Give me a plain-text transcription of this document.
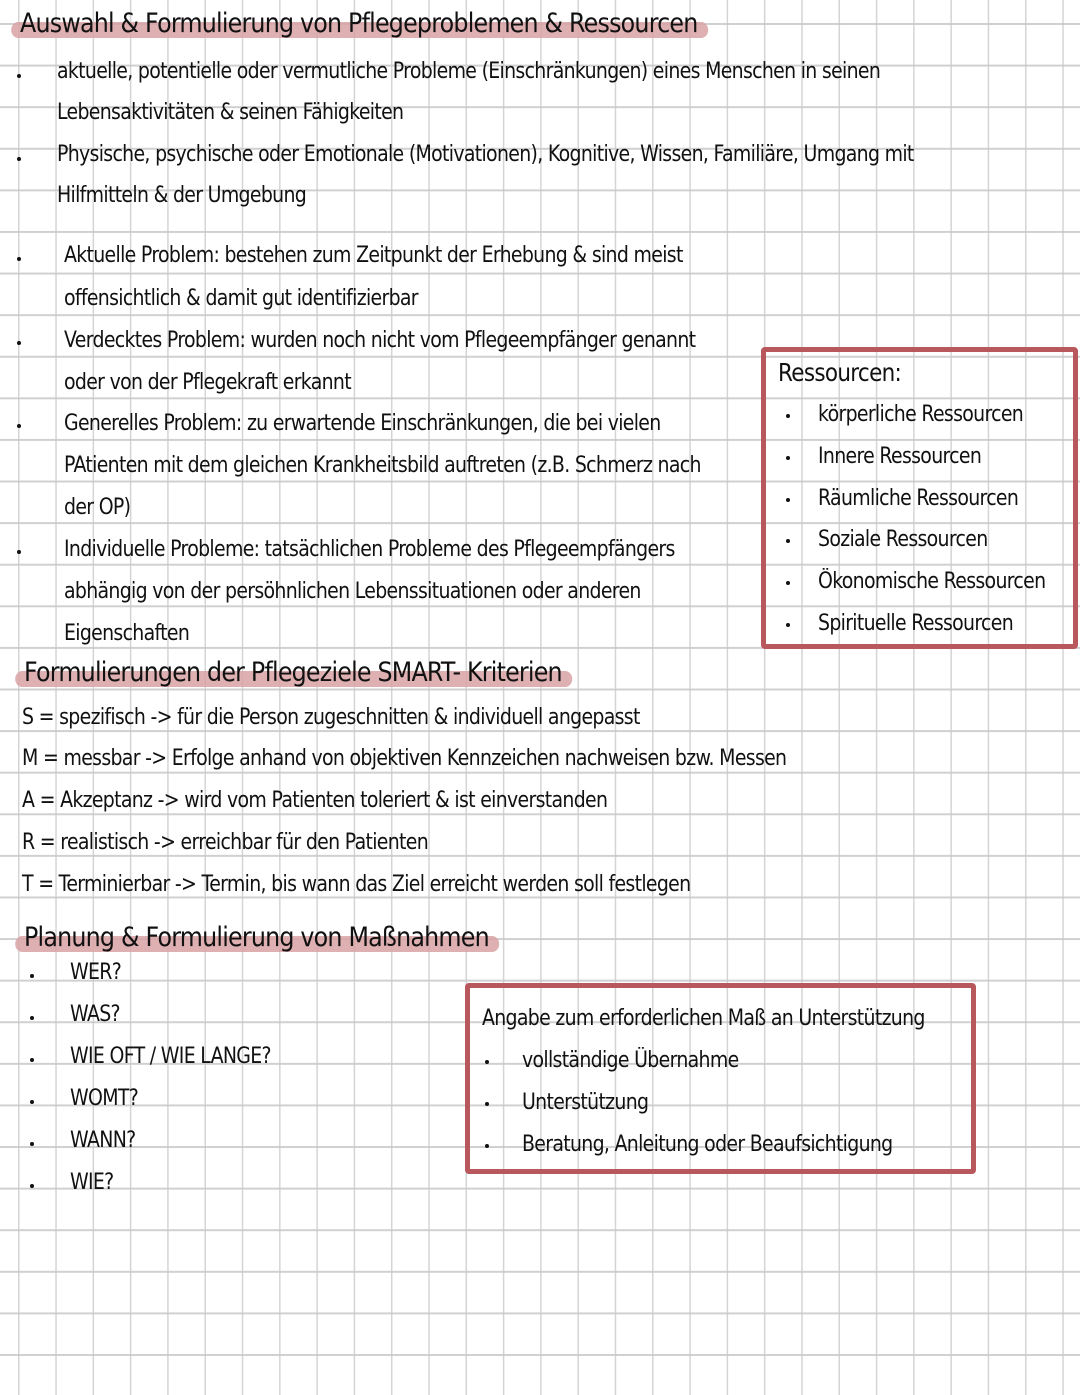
Auswahl & Formulierung von Pflegeproblemen & Ressourcen
aktuelle, potentielle oder vermutliche Probleme (Einschränkungen) eines Menschen in seinen
Lebensaktivitäten & seinen Fähigkeiten
Physische, psychische oder Emotionale (Motivationen), Kognitive, Wissen, Familiäre, Umgang mit
Hilfmitteln & der Umgebung
Aktuelle Problem: bestehen zum Zeitpunkt der Erhebung & sind meist
offensichtlich & damit gut identifizierbar
Verdecktes Problem: wurden noch nicht vom Pflegeempfänger genannt
oder von der Pflegekraft erkannt
Generelles Problem: zu erwartende Einschränkungen, die bei vielen
PAtienten mit dem gleichen Krankheitsbild auftreten (z.B. Schmerz nach
der OP)
Individuelle Probleme: tatsächlichen Probleme des Pflegeempfängers
abhängig von der persöhnlichen Lebenssituationen oder anderen
Eigenschaften
Ressourcen:
körperliche Ressourcen
Innere Ressourcen
Räumliche Ressourcen
Soziale Ressourcen
Ökonomische Ressourcen
Spirituelle Ressourcen
Formulierungen der Pflegeziele SMART- Kriterien
S = spezifisch -> für die Person zugeschnitten & individuell angepasst
M = messbar -> Erfolge anhand von objektiven Kennzeichen nachweisen bzw. Messen
A = Akzeptanz -> wird vom Patienten toleriert & ist einverstanden
R = realistisch -> erreichbar für den Patienten
T = Terminierbar -> Termin, bis wann das Ziel erreicht werden soll festlegen
Planung & Formulierung von Maßnahmen
WER?
WAS?
WIE OFT / WIE LANGE?
WOMT?
WANN?
WIE?
Angabe zum erforderlichen Maß an Unterstützung
vollständige Übernahme
Unterstützung
Beratung, Anleitung oder Beaufsichtigung
